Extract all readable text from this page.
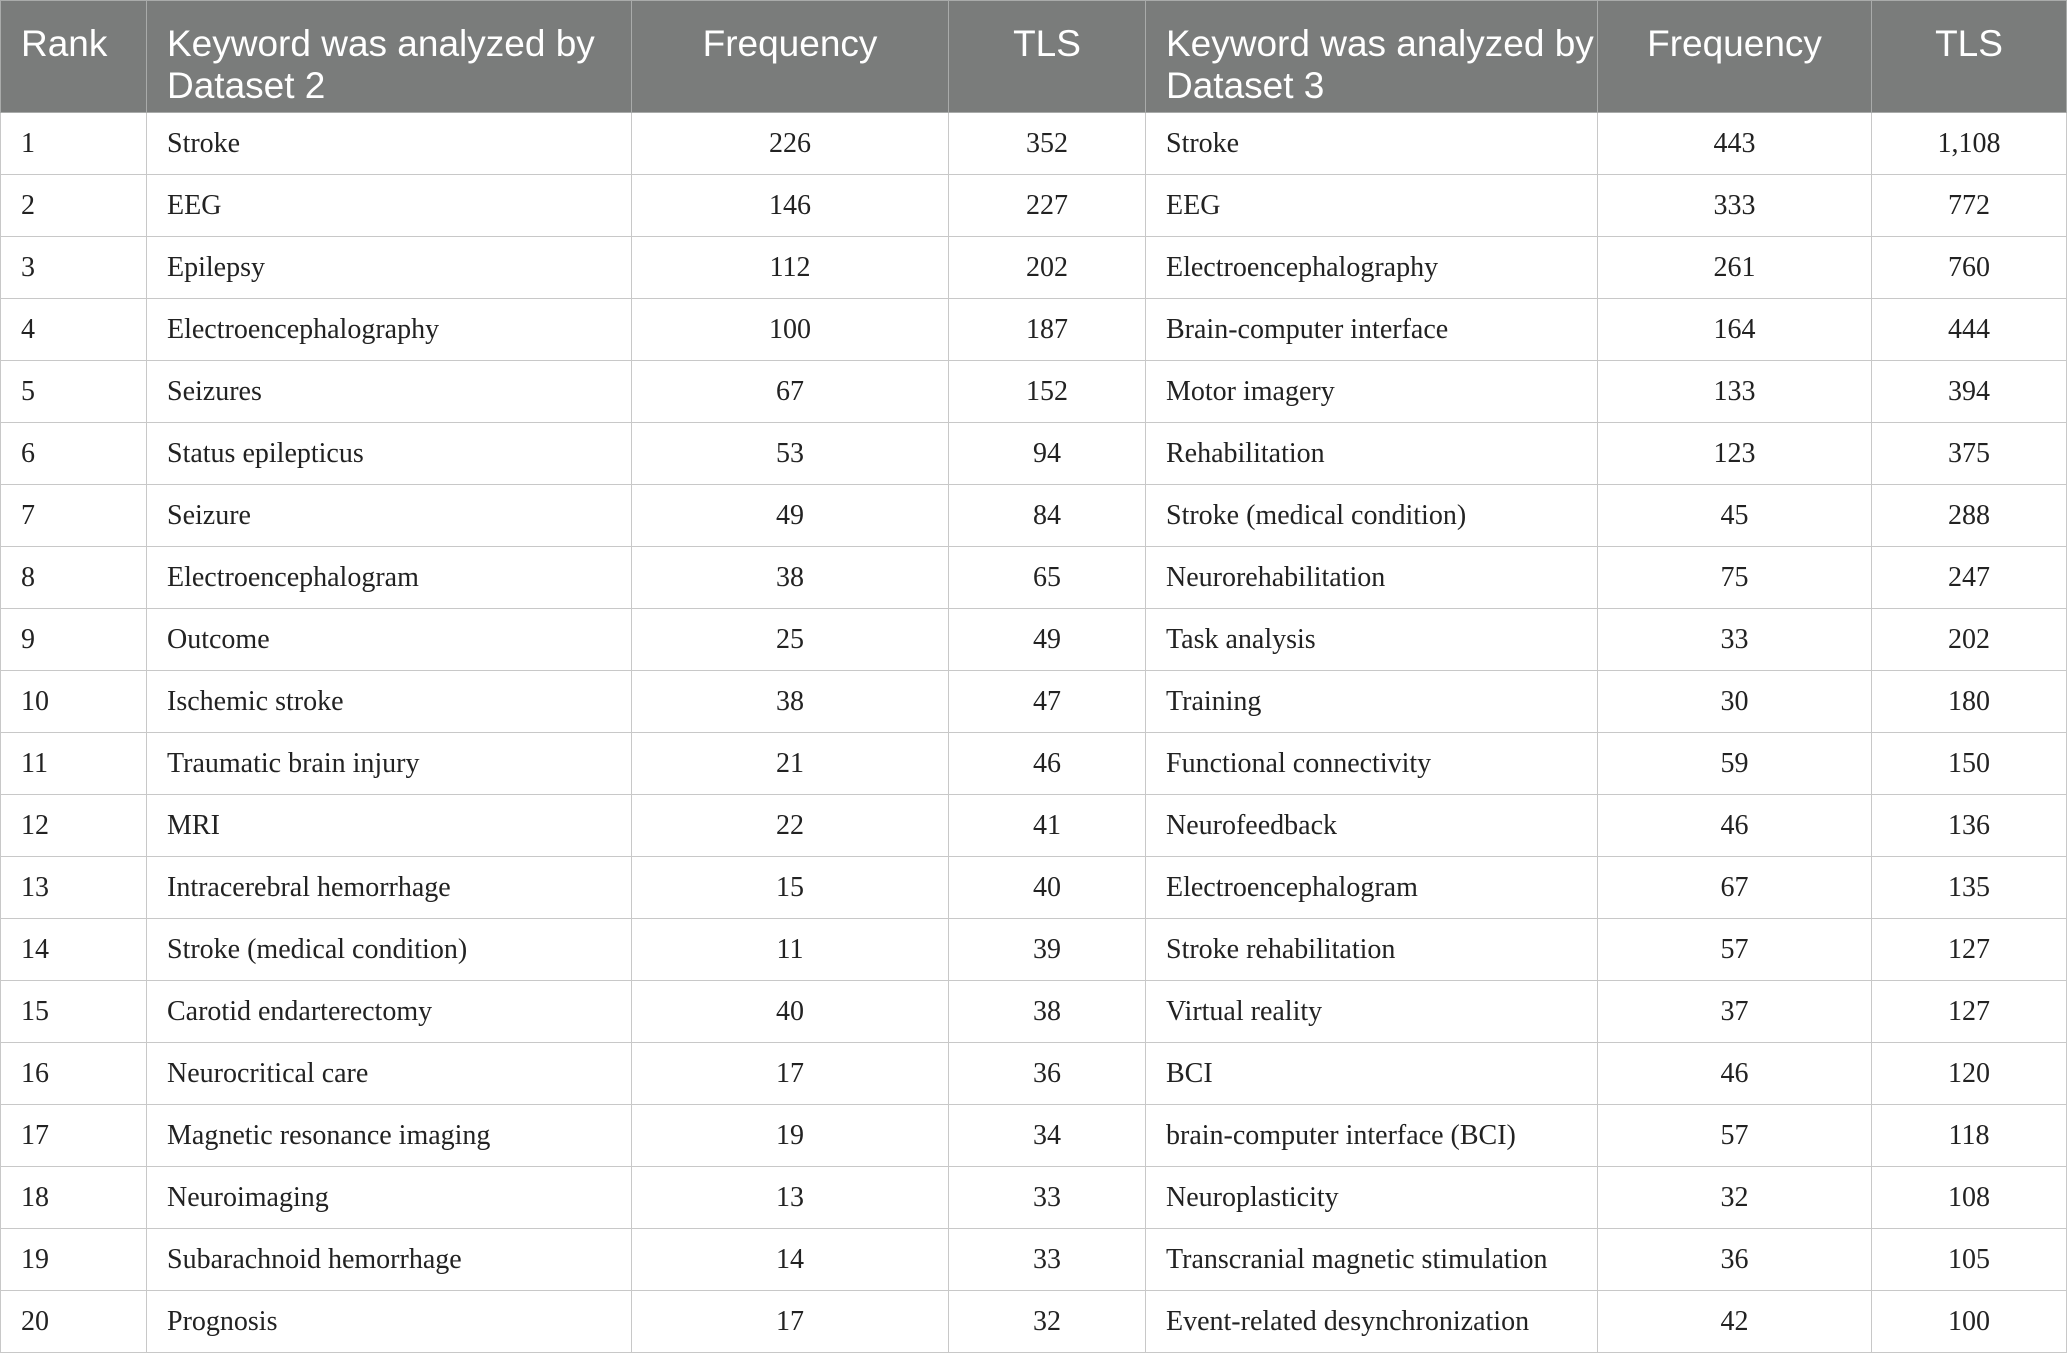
Rank	Keyword was analyzed by Dataset 2	Frequency	TLS	Keyword was analyzed by Dataset 3	Frequency	TLS
1	Stroke	226	352	Stroke	443	1,108
2	EEG	146	227	EEG	333	772
3	Epilepsy	112	202	Electroencephalography	261	760
4	Electroencephalography	100	187	Brain-computer interface	164	444
5	Seizures	67	152	Motor imagery	133	394
6	Status epilepticus	53	94	Rehabilitation	123	375
7	Seizure	49	84	Stroke (medical condition)	45	288
8	Electroencephalogram	38	65	Neurorehabilitation	75	247
9	Outcome	25	49	Task analysis	33	202
10	Ischemic stroke	38	47	Training	30	180
11	Traumatic brain injury	21	46	Functional connectivity	59	150
12	MRI	22	41	Neurofeedback	46	136
13	Intracerebral hemorrhage	15	40	Electroencephalogram	67	135
14	Stroke (medical condition)	11	39	Stroke rehabilitation	57	127
15	Carotid endarterectomy	40	38	Virtual reality	37	127
16	Neurocritical care	17	36	BCI	46	120
17	Magnetic resonance imaging	19	34	brain-computer interface (BCI)	57	118
18	Neuroimaging	13	33	Neuroplasticity	32	108
19	Subarachnoid hemorrhage	14	33	Transcranial magnetic stimulation	36	105
20	Prognosis	17	32	Event-related desynchronization	42	100
